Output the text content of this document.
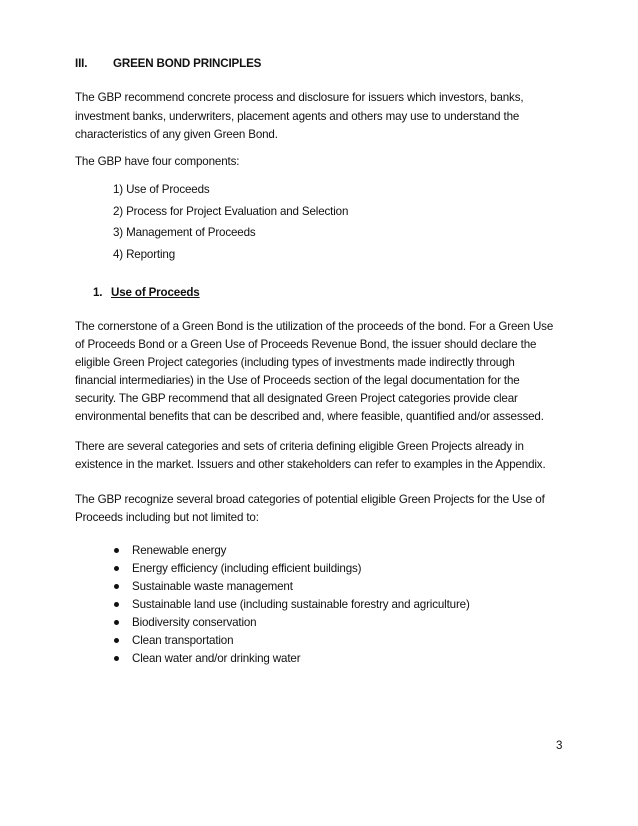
III. GREEN BOND PRINCIPLES
The GBP recommend concrete process and disclosure for issuers which investors, banks,
investment banks, underwriters, placement agents and others may use to understand the
characteristics of any given Green Bond.
The GBP have four components:
1) Use of Proceeds
2) Process for Project Evaluation and Selection
3) Management of Proceeds
4) Reporting
1. Use of Proceeds
The cornerstone of a Green Bond is the utilization of the proceeds of the bond. For a Green Use
of Proceeds Bond or a Green Use of Proceeds Revenue Bond, the issuer should declare the
eligible Green Project categories (including types of investments made indirectly through
financial intermediaries) in the Use of Proceeds section of the legal documentation for the
security. The GBP recommend that all designated Green Project categories provide clear
environmental benefits that can be described and, where feasible, quantified and/or assessed.
There are several categories and sets of criteria defining eligible Green Projects already in
existence in the market. Issuers and other stakeholders can refer to examples in the Appendix.
The GBP recognize several broad categories of potential eligible Green Projects for the Use of
Proceeds including but not limited to:
Renewable energy
Energy efficiency (including efficient buildings)
Sustainable waste management
Sustainable land use (including sustainable forestry and agriculture)
Biodiversity conservation
Clean transportation
Clean water and/or drinking water
3
